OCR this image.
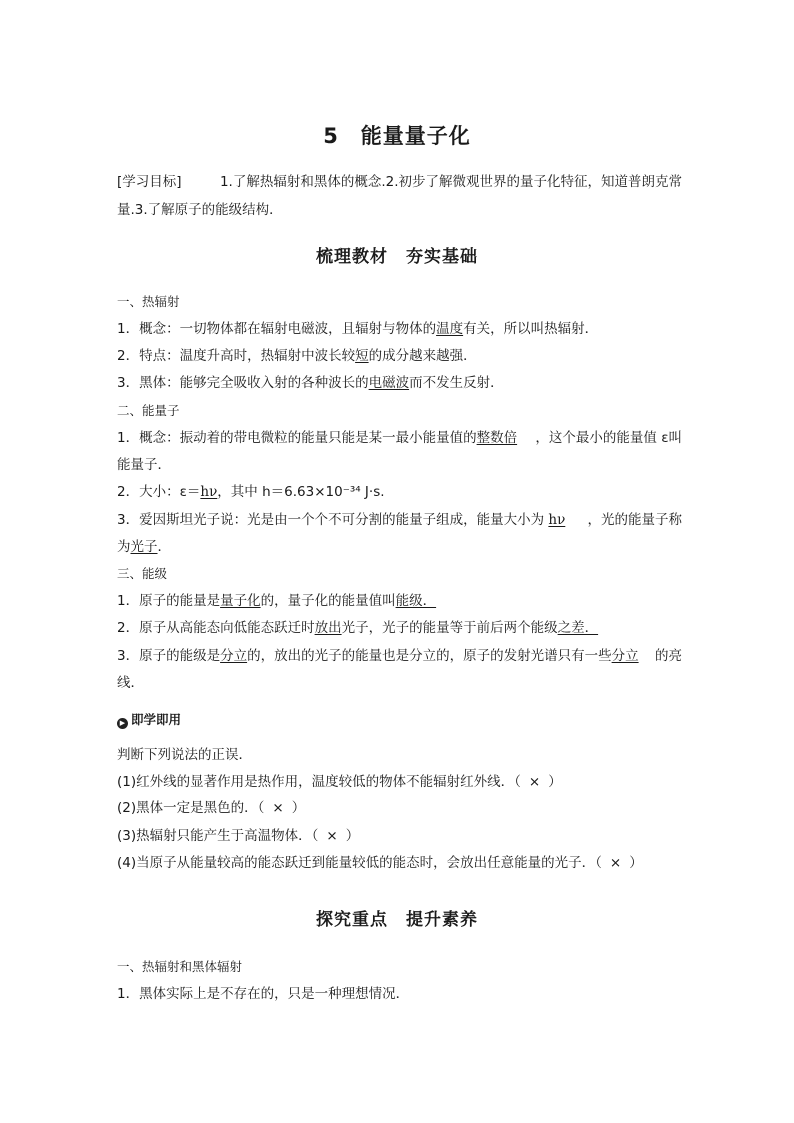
5　能量量子化
[学习目标]	1.了解热辐射和黑体的概念.2.初步了解微观世界的量子化特征，知道普朗克常
量.3.了解原子的能级结构．
梳理教材　夯实基础
一、热辐射
1．概念：一切物体都在辐射电磁波，且辐射与物体的温度有关，所以叫热辐射．
2．特点：温度升高时，热辐射中波长较短的成分越来越强．
3．黑体：能够完全吸收入射的各种波长的电磁波而不发生反射．
二、能量子
1．概念：振动着的带电微粒的能量只能是某一最小能量值的整数倍 ，这个最小的能量值 ε叫
能量子．
2．大小：ε＝hν，其中 h＝6.63×10⁻³⁴ J·s.
3．爱因斯坦光子说：光是由一个个不可分割的能量子组成，能量大小为 hν ，光的能量子称
为光子．
三、能级
1．原子的能量是量子化的，量子化的能量值叫能级．
2．原子从高能态向低能态跃迁时放出光子，光子的能量等于前后两个能级之差．
3．原子的能级是分立的，放出的光子的能量也是分立的，原子的发射光谱只有一些分立 的亮
线．
▶ 即学即用
判断下列说法的正误．
(1)红外线的显著作用是热作用，温度较低的物体不能辐射红外线．（ × ）
(2)黑体一定是黑色的．（ × ）
(3)热辐射只能产生于高温物体．（ × ）
(4)当原子从能量较高的能态跃迁到能量较低的能态时，会放出任意能量的光子．（ × ）
探究重点　提升素养
一、热辐射和黑体辐射
1．黑体实际上是不存在的，只是一种理想情况．
